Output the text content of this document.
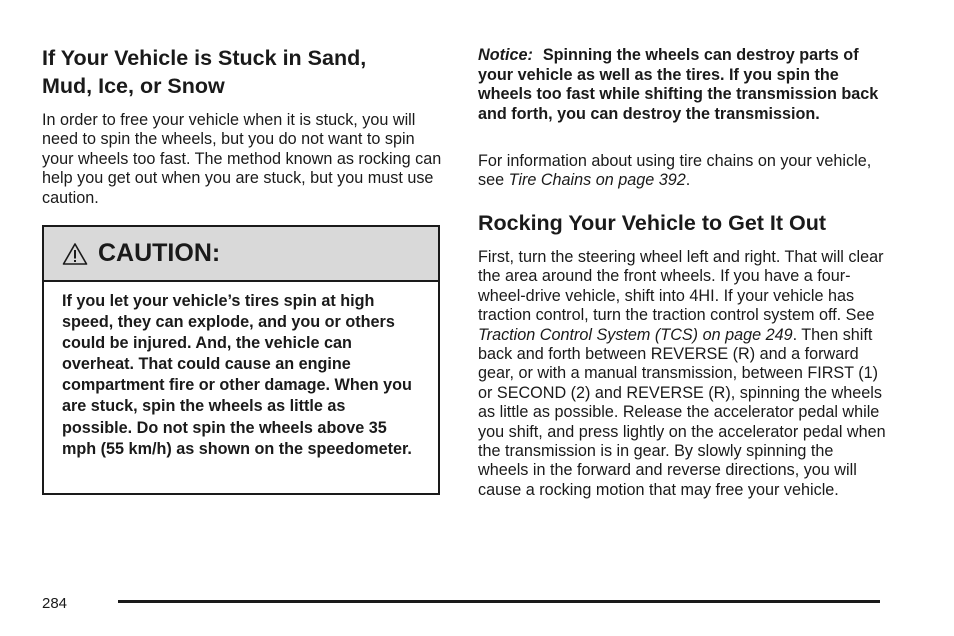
If Your Vehicle is Stuck in Sand, Mud, Ice, or Snow

In order to free your vehicle when it is stuck, you will need to spin the wheels, but you do not want to spin your wheels too fast. The method known as rocking can help you get out when you are stuck, but you must use caution.

CAUTION:
If you let your vehicle’s tires spin at high speed, they can explode, and you or others could be injured. And, the vehicle can overheat. That could cause an engine compartment fire or other damage. When you are stuck, spin the wheels as little as possible. Do not spin the wheels above 35 mph (55 km/h) as shown on the speedometer.

Notice: Spinning the wheels can destroy parts of your vehicle as well as the tires. If you spin the wheels too fast while shifting the transmission back and forth, you can destroy the transmission.

For information about using tire chains on your vehicle, see Tire Chains on page 392.

Rocking Your Vehicle to Get It Out

First, turn the steering wheel left and right. That will clear the area around the front wheels. If you have a four-wheel-drive vehicle, shift into 4HI. If your vehicle has traction control, turn the traction control system off. See Traction Control System (TCS) on page 249. Then shift back and forth between REVERSE (R) and a forward gear, or with a manual transmission, between FIRST (1) or SECOND (2) and REVERSE (R), spinning the wheels as little as possible. Release the accelerator pedal while you shift, and press lightly on the accelerator pedal when the transmission is in gear. By slowly spinning the wheels in the forward and reverse directions, you will cause a rocking motion that may free your vehicle.

284
